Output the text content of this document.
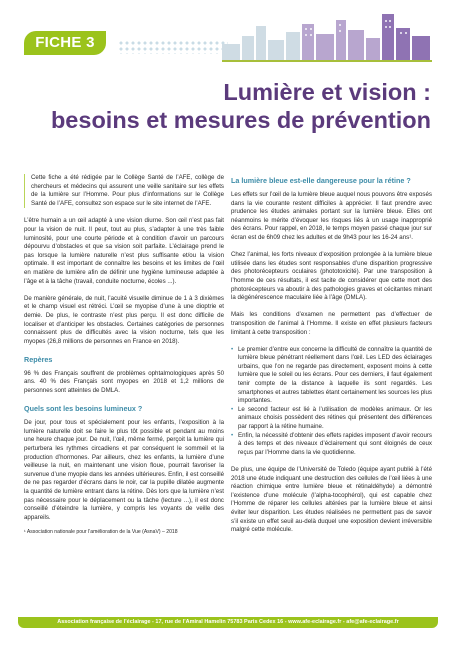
FICHE 3
Lumière et vision :
besoins et mesures de prévention

Cette fiche a été rédigée par le Collège Santé de l’AFE, collège de chercheurs et médecins qui assurent une veille sanitaire sur les effets de la lumière sur l’Homme. Pour plus d’informations sur le Collège Santé de l’AFE, consultez son espace sur le site internet de l’AFE.

L’être humain a un œil adapté à une vision diurne. Son œil n’est pas fait pour la vision de nuit. Il peut, tout au plus, s’adapter à une très faible luminosité, pour une courte période et à condition d’avoir un parcours dépourvu d’obstacles et que sa vision soit parfaite. L’éclairage prend le pas lorsque la lumière naturelle n’est plus suffisante et/ou la vision optimale. Il est important de connaître les besoins et les limites de l’œil en matière de lumière afin de définir une hygiène lumineuse adaptée à l’âge et à la tâche (travail, conduite nocturne, écoles ...).

De manière générale, de nuit, l’acuité visuelle diminue de 1 à 3 dixièmes et le champ visuel est rétréci. L’œil se myopise d’une à une dioptrie et demie. De plus, le contraste n’est plus perçu. Il est donc difficile de localiser et d’anticiper les obstacles. Certaines catégories de personnes connaissent plus de difficultés avec la vision nocturne, tels que les myopes (26,8 millions de personnes en France en 2018).

Repères

96 % des Français souffrent de problèmes ophtalmologiques après 50 ans. 40 % des Français sont myopes en 2018 et 1,2 millions de personnes sont atteintes de DMLA.

Quels sont les besoins lumineux ?

De jour, pour tous et spécialement pour les enfants, l’exposition à la lumière naturelle doit se faire le plus tôt possible et pendant au moins une heure chaque jour. De nuit, l’œil, même fermé, perçoit la lumière qui perturbera les rythmes circadiens et par conséquent le sommeil et la production d’hormones. Par ailleurs, chez les enfants, la lumière d’une veilleuse la nuit, en maintenant une vision floue, pourrait favoriser la survenue d’une myopie dans les années ultérieures. Enfin, il est conseillé de ne pas regarder d’écrans dans le noir, car la pupille dilatée augmente la quantité de lumière entrant dans la rétine. Dès lors que la lumière n’est pas nécessaire pour le déplacement ou la tâche (lecture ...), il est donc conseillé d’éteindre la lumière, y compris les voyants de veille des appareils.

¹ Association nationale pour l’amélioration de la Vue (AsnaV) – 2018
La lumière bleue est-elle dangereuse pour la rétine ?

Les effets sur l’œil de la lumière bleue auquel nous pouvons être exposés dans la vie courante restent difficiles à apprécier. Il faut prendre avec prudence les études animales portant sur la lumière bleue. Elles ont néanmoins le mérite d’évoquer les risques liés à un usage inapproprié des écrans. Pour rappel, en 2018, le temps moyen passé chaque jour sur écran est de 6h09 chez les adultes et de 9h43 pour les 16-24 ans¹.

Chez l’animal, les forts niveaux d’exposition prolongée à la lumière bleue utilisée dans les études sont responsables d’une disparition progressive des photorécepteurs oculaires (phototoxicité). Par une transposition à l’homme de ces résultats, il est tacite de considérer que cette mort des photorécepteurs va aboutir à des pathologies graves et cécitantes minant la dégénérescence maculaire liée à l’âge (DMLA).

Mais les conditions d’examen ne permettent pas d’effectuer de transposition de l’animal à l’Homme. Il existe en effet plusieurs facteurs limitant à cette transposition :

• Le premier d’entre eux concerne la difficulté de connaître la quantité de lumière bleue pénétrant réellement dans l’œil. Les LED des éclairages urbains, que l’on ne regarde pas directement, exposent moins à cette lumière que le soleil ou les écrans. Pour ces derniers, il faut également tenir compte de la distance à laquelle ils sont regardés. Les smartphones et autres tablettes étant certainement les sources les plus importantes.
• Le second facteur est lié à l’utilisation de modèles animaux. Or les animaux choisis possèdent des rétines qui présentent des différences par rapport à la rétine humaine.
• Enfin, la nécessité d’obtenir des effets rapides imposent d’avoir recours à des temps et des niveaux d’éclairement qui sont éloignés de ceux reçus par l’Homme dans la vie quotidienne.

De plus, une équipe de l’Université de Toledo (équipe ayant publié à l’été 2018 une étude indiquant une destruction des cellules de l’œil liées à une réaction chimique entre lumière bleue et rétinaldéhyde) a démontré l’existence d’une molécule (l’alpha-tocophérol), qui est capable chez l’Homme de réparer les cellules altérées par la lumière bleue et ainsi éviter leur disparition. Les études réalisées ne permettent pas de savoir s’il existe un effet seuil au-delà duquel une exposition devient irréversible malgré cette molécule.

Association française de l’éclairage - 17, rue de l’Amiral Hamelin 75783 Paris Cedex 16 - www.afe-eclairage.fr - afe@afe-eclairage.fr
